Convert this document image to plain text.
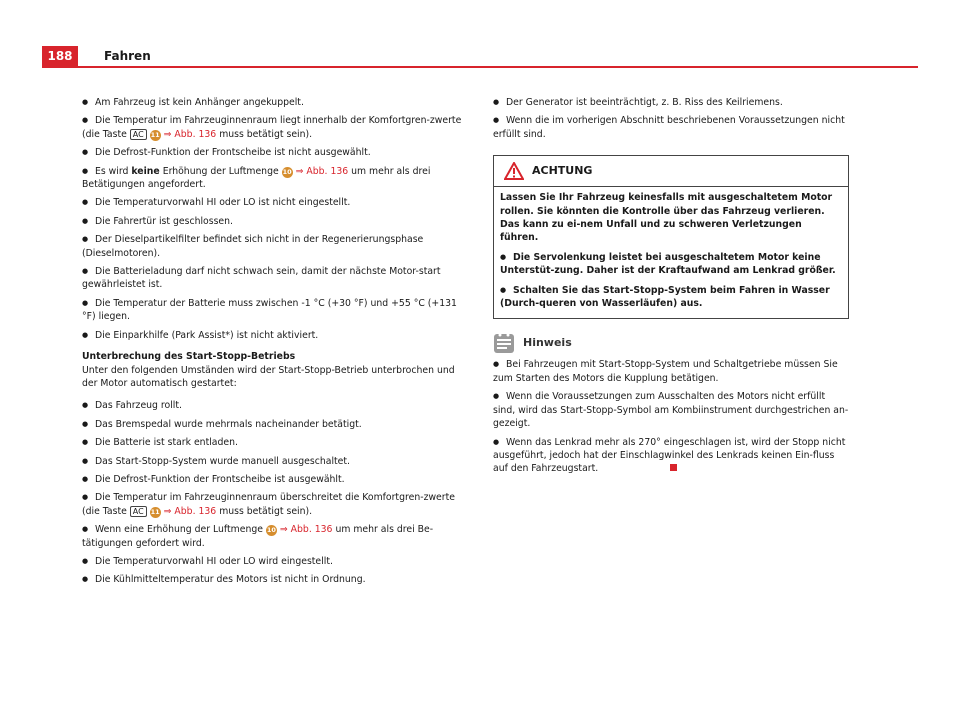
188	Fahren

● Am Fahrzeug ist kein Anhänger angekuppelt.

● Die Temperatur im Fahrzeuginnenraum liegt innerhalb der Komfortgren-zwerte (die Taste AC 11 ⇒ Abb. 136 muss betätigt sein).

● Die Defrost-Funktion der Frontscheibe ist nicht ausgewählt.

● Es wird keine Erhöhung der Luftmenge 10 ⇒ Abb. 136 um mehr als drei Betätigungen angefordert.

● Die Temperaturvorwahl HI oder LO ist nicht eingestellt.

● Die Fahrertür ist geschlossen.

● Der Dieselpartikelfilter befindet sich nicht in der Regenerierungsphase (Dieselmotoren).

● Die Batterieladung darf nicht schwach sein, damit der nächste Motor-start gewährleistet ist.

● Die Temperatur der Batterie muss zwischen -1 °C (+30 °F) und +55 °C (+131 °F) liegen.

● Die Einparkhilfe (Park Assist*) ist nicht aktiviert.

Unterbrechung des Start-Stopp-Betriebs

Unter den folgenden Umständen wird der Start-Stopp-Betrieb unterbrochen und der Motor automatisch gestartet:

● Das Fahrzeug rollt.

● Das Bremspedal wurde mehrmals nacheinander betätigt.

● Die Batterie ist stark entladen.

● Das Start-Stopp-System wurde manuell ausgeschaltet.

● Die Defrost-Funktion der Frontscheibe ist ausgewählt.

● Die Temperatur im Fahrzeuginnenraum überschreitet die Komfortgren-zwerte (die Taste AC 11 ⇒ Abb. 136 muss betätigt sein).

● Wenn eine Erhöhung der Luftmenge 10 ⇒ Abb. 136 um mehr als drei Be-tätigungen gefordert wird.

● Die Temperaturvorwahl HI oder LO wird eingestellt.

● Die Kühlmitteltemperatur des Motors ist nicht in Ordnung.

● Der Generator ist beeinträchtigt, z. B. Riss des Keilriemens.

● Wenn die im vorherigen Abschnitt beschriebenen Voraussetzungen nicht erfüllt sind.

ACHTUNG

Lassen Sie Ihr Fahrzeug keinesfalls mit ausgeschaltetem Motor rollen. Sie könnten die Kontrolle über das Fahrzeug verlieren. Das kann zu ei-nem Unfall und zu schweren Verletzungen führen.

● Die Servolenkung leistet bei ausgeschaltetem Motor keine Unterstüt-zung. Daher ist der Kraftaufwand am Lenkrad größer.

● Schalten Sie das Start-Stopp-System beim Fahren in Wasser (Durch-queren von Wasserläufen) aus.

Hinweis

● Bei Fahrzeugen mit Start-Stopp-System und Schaltgetriebe müssen Sie zum Starten des Motors die Kupplung betätigen.

● Wenn die Voraussetzungen zum Ausschalten des Motors nicht erfüllt sind, wird das Start-Stopp-Symbol am Kombiinstrument durchgestrichen an-gezeigt.

● Wenn das Lenkrad mehr als 270° eingeschlagen ist, wird der Stopp nicht ausgeführt, jedoch hat der Einschlagwinkel des Lenkrads keinen Ein-fluss auf den Fahrzeugstart.
